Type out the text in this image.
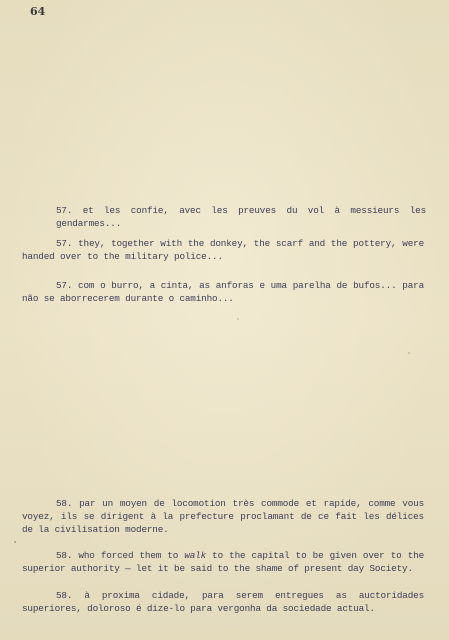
64

57. et les confie, avec les preuves du vol à messieurs les gendarmes...

57. they, together with the donkey, the scarf and the pottery, were handed over to the military police...

57. com o burro, a cinta, as anforas e uma parelha de bufos... para não se aborrecerem durante o caminho...

58. par un moyen de locomotion très commode et rapide, comme vous voyez, ils se dirigent à la prefecture proclamant de ce fait les délices de la civilisation moderne.

58. who forced them to walk to the capital to be given over to the superior authority — let it be said to the shame of present day Society.

58. à proxima cidade, para serem entregues as auctoridades superiores, doloroso é dize-lo para vergonha da sociedade actual.
